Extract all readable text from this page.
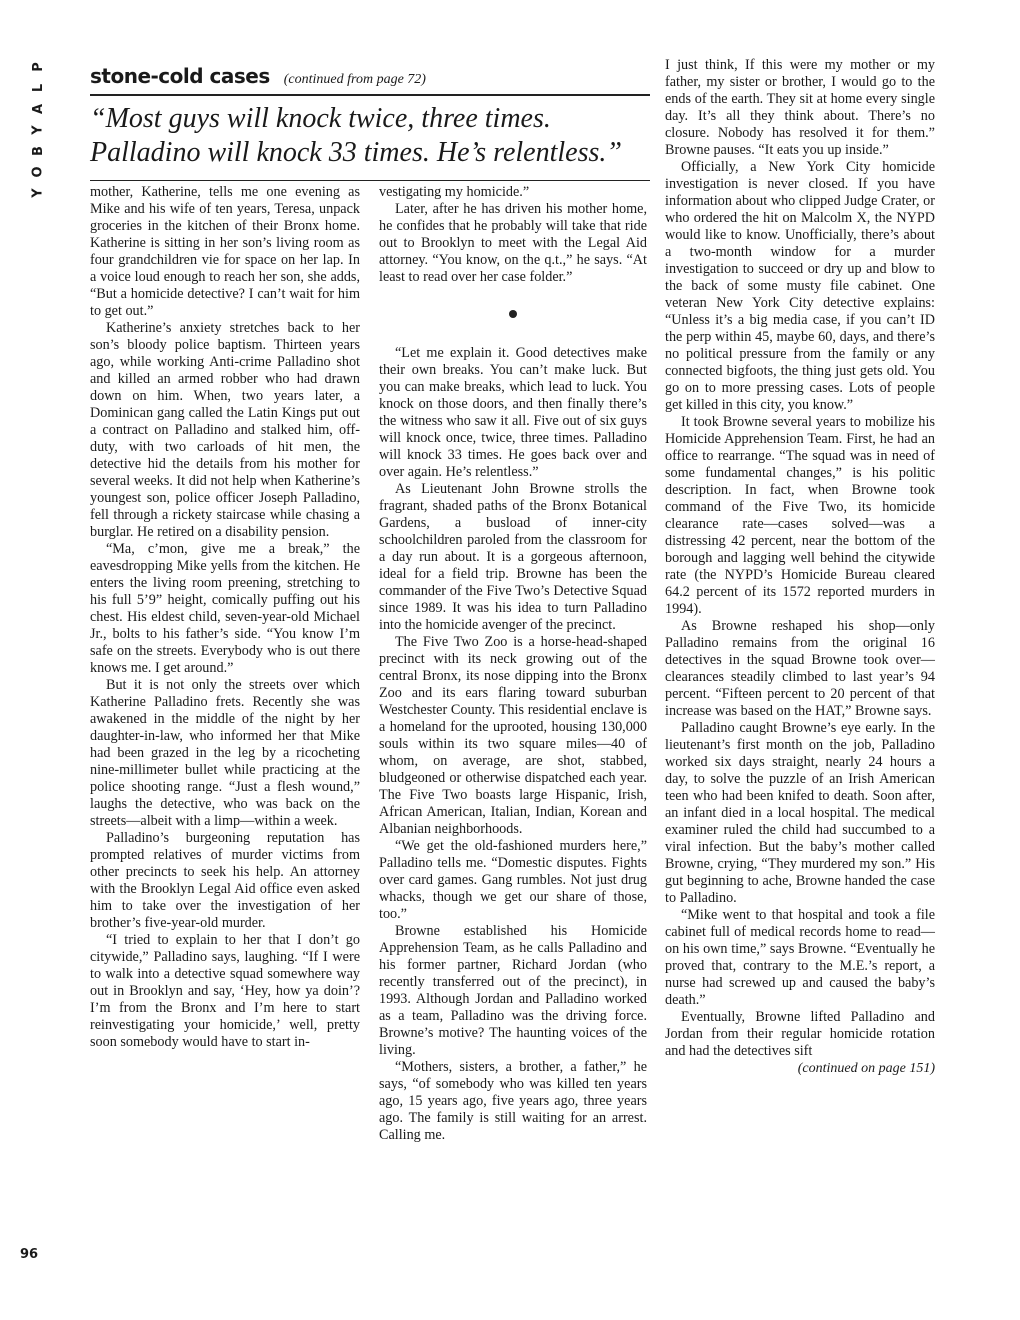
P
L
A
Y
B
O
Y
stone-cold cases (continued from page 72)
“Most guys will knock twice, three times. Palladino will knock 33 times. He’s relentless.”

mother, Katherine, tells me one evening as Mike and his wife of ten years, Teresa, unpack groceries in the kitchen of their Bronx home. Katherine is sitting in her son’s living room as four grandchildren vie for space on her lap. In a voice loud enough to reach her son, she adds, “But a homicide detective? I can’t wait for him to get out.”

Katherine’s anxiety stretches back to her son’s bloody police baptism. Thirteen years ago, while working Anti-crime Palladino shot and killed an armed robber who had drawn down on him. When, two years later, a Dominican gang called the Latin Kings put out a contract on Palladino and stalked him, off-duty, with two carloads of hit men, the detective hid the details from his mother for several weeks. It did not help when Katherine’s youngest son, police officer Joseph Palladino, fell through a rickety staircase while chasing a burglar. He retired on a disability pension.

“Ma, c’mon, give me a break,” the eavesdropping Mike yells from the kitchen. He enters the living room preening, stretching to his full 5’9” height, comically puffing out his chest. His eldest child, seven-year-old Michael Jr., bolts to his father’s side. “You know I’m safe on the streets. Everybody who is out there knows me. I get around.”

But it is not only the streets over which Katherine Palladino frets. Recently she was awakened in the middle of the night by her daughter-in-law, who informed her that Mike had been grazed in the leg by a ricocheting nine-millimeter bullet while practicing at the police shooting range. “Just a flesh wound,” laughs the detective, who was back on the streets—albeit with a limp—within a week.

Palladino’s burgeoning reputation has prompted relatives of murder victims from other precincts to seek his help. An attorney with the Brooklyn Legal Aid office even asked him to take over the investigation of her brother’s five-year-old murder.

“I tried to explain to her that I don’t go citywide,” Palladino says, laughing. “If I were to walk into a detective squad somewhere way out in Brooklyn and say, ‘Hey, how ya doin’? I’m from the Bronx and I’m here to start reinvestigating your homicide,’ well, pretty soon somebody would have to start in-

vestigating my homicide.”

Later, after he has driven his mother home, he confides that he probably will take that ride out to Brooklyn to meet with the Legal Aid attorney. “You know, on the q.t.,” he says. “At least to read over her case folder.”

“Let me explain it. Good detectives make their own breaks. You can’t make luck. But you can make breaks, which lead to luck. You knock on those doors, and then finally there’s the witness who saw it all. Five out of six guys will knock once, twice, three times. Palladino will knock 33 times. He goes back over and over again. He’s relentless.”

As Lieutenant John Browne strolls the fragrant, shaded paths of the Bronx Botanical Gardens, a busload of inner-city schoolchildren paroled from the classroom for a day run about. It is a gorgeous afternoon, ideal for a field trip. Browne has been the commander of the Five Two’s Detective Squad since 1989. It was his idea to turn Palladino into the homicide avenger of the precinct.

The Five Two Zoo is a horse-head-shaped precinct with its neck growing out of the central Bronx, its nose dipping into the Bronx Zoo and its ears flaring toward suburban Westchester County. This residential enclave is a homeland for the uprooted, housing 130,000 souls within its two square miles—40 of whom, on average, are shot, stabbed, bludgeoned or otherwise dispatched each year. The Five Two boasts large Hispanic, Irish, African American, Italian, Indian, Korean and Albanian neighborhoods.

“We get the old-fashioned murders here,” Palladino tells me. “Domestic disputes. Fights over card games. Gang rumbles. Not just drug whacks, though we get our share of those, too.”

Browne established his Homicide Apprehension Team, as he calls Palladino and his former partner, Richard Jordan (who recently transferred out of the precinct), in 1993. Although Jordan and Palladino worked as a team, Palladino was the driving force. Browne’s motive? The haunting voices of the living.

“Mothers, sisters, a brother, a father,” he says, “of somebody who was killed ten years ago, 15 years ago, five years ago, three years ago. The family is still waiting for an arrest. Calling me.

I just think, If this were my mother or my father, my sister or brother, I would go to the ends of the earth. They sit at home every single day. It’s all they think about. There’s no closure. Nobody has resolved it for them.” Browne pauses. “It eats you up inside.”

Officially, a New York City homicide investigation is never closed. If you have information about who clipped Judge Crater, or who ordered the hit on Malcolm X, the NYPD would like to know. Unofficially, there’s about a two-month window for a murder investigation to succeed or dry up and blow to the back of some musty file cabinet. One veteran New York City detective explains: “Unless it’s a big media case, if you can’t ID the perp within 45, maybe 60, days, and there’s no political pressure from the family or any connected bigfoots, the thing just gets old. You go on to more pressing cases. Lots of people get killed in this city, you know.”

It took Browne several years to mobilize his Homicide Apprehension Team. First, he had an office to rearrange. “The squad was in need of some fundamental changes,” is his politic description. In fact, when Browne took command of the Five Two, its homicide clearance rate—cases solved—was a distressing 42 percent, near the bottom of the borough and lagging well behind the citywide rate (the NYPD’s Homicide Bureau cleared 64.2 percent of its 1572 reported murders in 1994).

As Browne reshaped his shop—only Palladino remains from the original 16 detectives in the squad Browne took over—clearances steadily climbed to last year’s 94 percent. “Fifteen percent to 20 percent of that increase was based on the HAT,” Browne says.

Palladino caught Browne’s eye early. In the lieutenant’s first month on the job, Palladino worked six days straight, nearly 24 hours a day, to solve the puzzle of an Irish American teen who had been knifed to death. Soon after, an infant died in a local hospital. The medical examiner ruled the child had succumbed to a viral infection. But the baby’s mother called Browne, crying, “They murdered my son.” His gut beginning to ache, Browne handed the case to Palladino.

“Mike went to that hospital and took a file cabinet full of medical records home to read—on his own time,” says Browne. “Eventually he proved that, contrary to the M.E.’s report, a nurse had screwed up and caused the baby’s death.”

Eventually, Browne lifted Palladino and Jordan from their regular homicide rotation and had the detectives sift

(continued on page 151)
96
